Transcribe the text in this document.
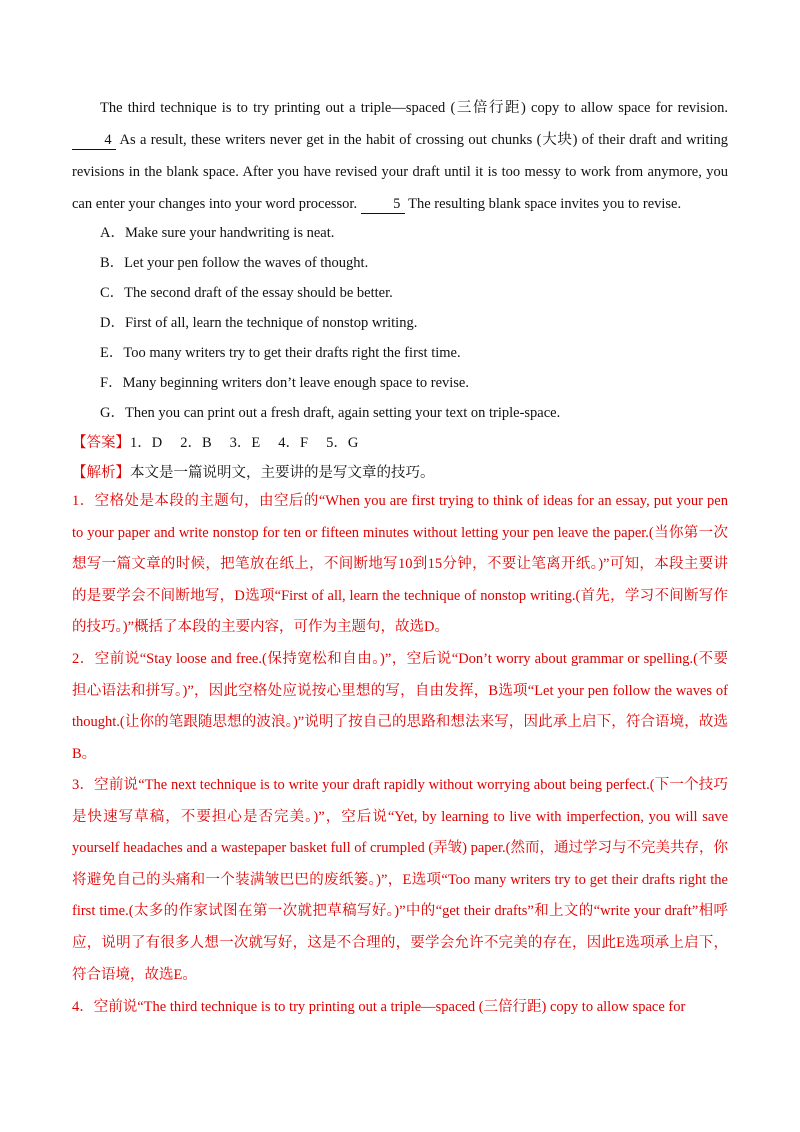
The third technique is to try printing out a triple—spaced (三倍行距) copy to allow space for revision. 4 As a result, these writers never get in the habit of crossing out chunks (大块) of their draft and writing revisions in the blank space. After you have revised your draft until it is too messy to work from anymore, you can enter your changes into your word processor. 5 The resulting blank space invites you to revise.
A．Make sure your handwriting is neat.
B．Let your pen follow the waves of thought.
C．The second draft of the essay should be better.
D．First of all, learn the technique of nonstop writing.
E．Too many writers try to get their drafts right the first time.
F．Many beginning writers don’t leave enough space to revise.
G．Then you can print out a fresh draft, again setting your text on triple-space.
【答案】1．D 2．B 3．E 4．F 5．G
【解析】本文是一篇说明文，主要讲的是写文章的技巧。
1．空格处是本段的主题句，由空后的“When you are first trying to think of ideas for an essay, put your pen to your paper and write nonstop for ten or fifteen minutes without letting your pen leave the paper.(当你第一次想写一篇文章的时候，把笔放在纸上，不间断地写10到15分钟，不要让笔离开纸。)”可知，本段主要讲的是要学会不间断地写，D选项“First of all, learn the technique of nonstop writing.(首先，学习不间断写作的技巧。)”概括了本段的主要内容，可作为主题句，故选D。
2．空前说“Stay loose and free.(保持宽松和自由。)”，空后说“Don’t worry about grammar or spelling.(不要担心语法和拼写。)”，因此空格处应说按心里想的写，自由发挥，B选项“Let your pen follow the waves of thought.(让你的笔跟随思想的波浪。)”说明了按自己的思路和想法来写，因此承上启下，符合语境，故选B。
3．空前说“The next technique is to write your draft rapidly without worrying about being perfect.(下一个技巧是快速写草稿，不要担心是否完美。)”，空后说“Yet, by learning to live with imperfection, you will save yourself headaches and a wastepaper basket full of crumpled (弄皱) paper.(然而，通过学习与不完美共存，你将避免自己的头痛和一个装满皱巴巴的废纸篓。)”，E选项“Too many writers try to get their drafts right the first time.(太多的作家试图在第一次就把草稿写好。)”中的“get their drafts”和上文的“write your draft”相呼应，说明了有很多人想一次就写好，这是不合理的，要学会允许不完美的存在，因此E选项承上启下，符合语境，故选E。
4．空前说“The third technique is to try printing out a triple—spaced (三倍行距) copy to allow space for
